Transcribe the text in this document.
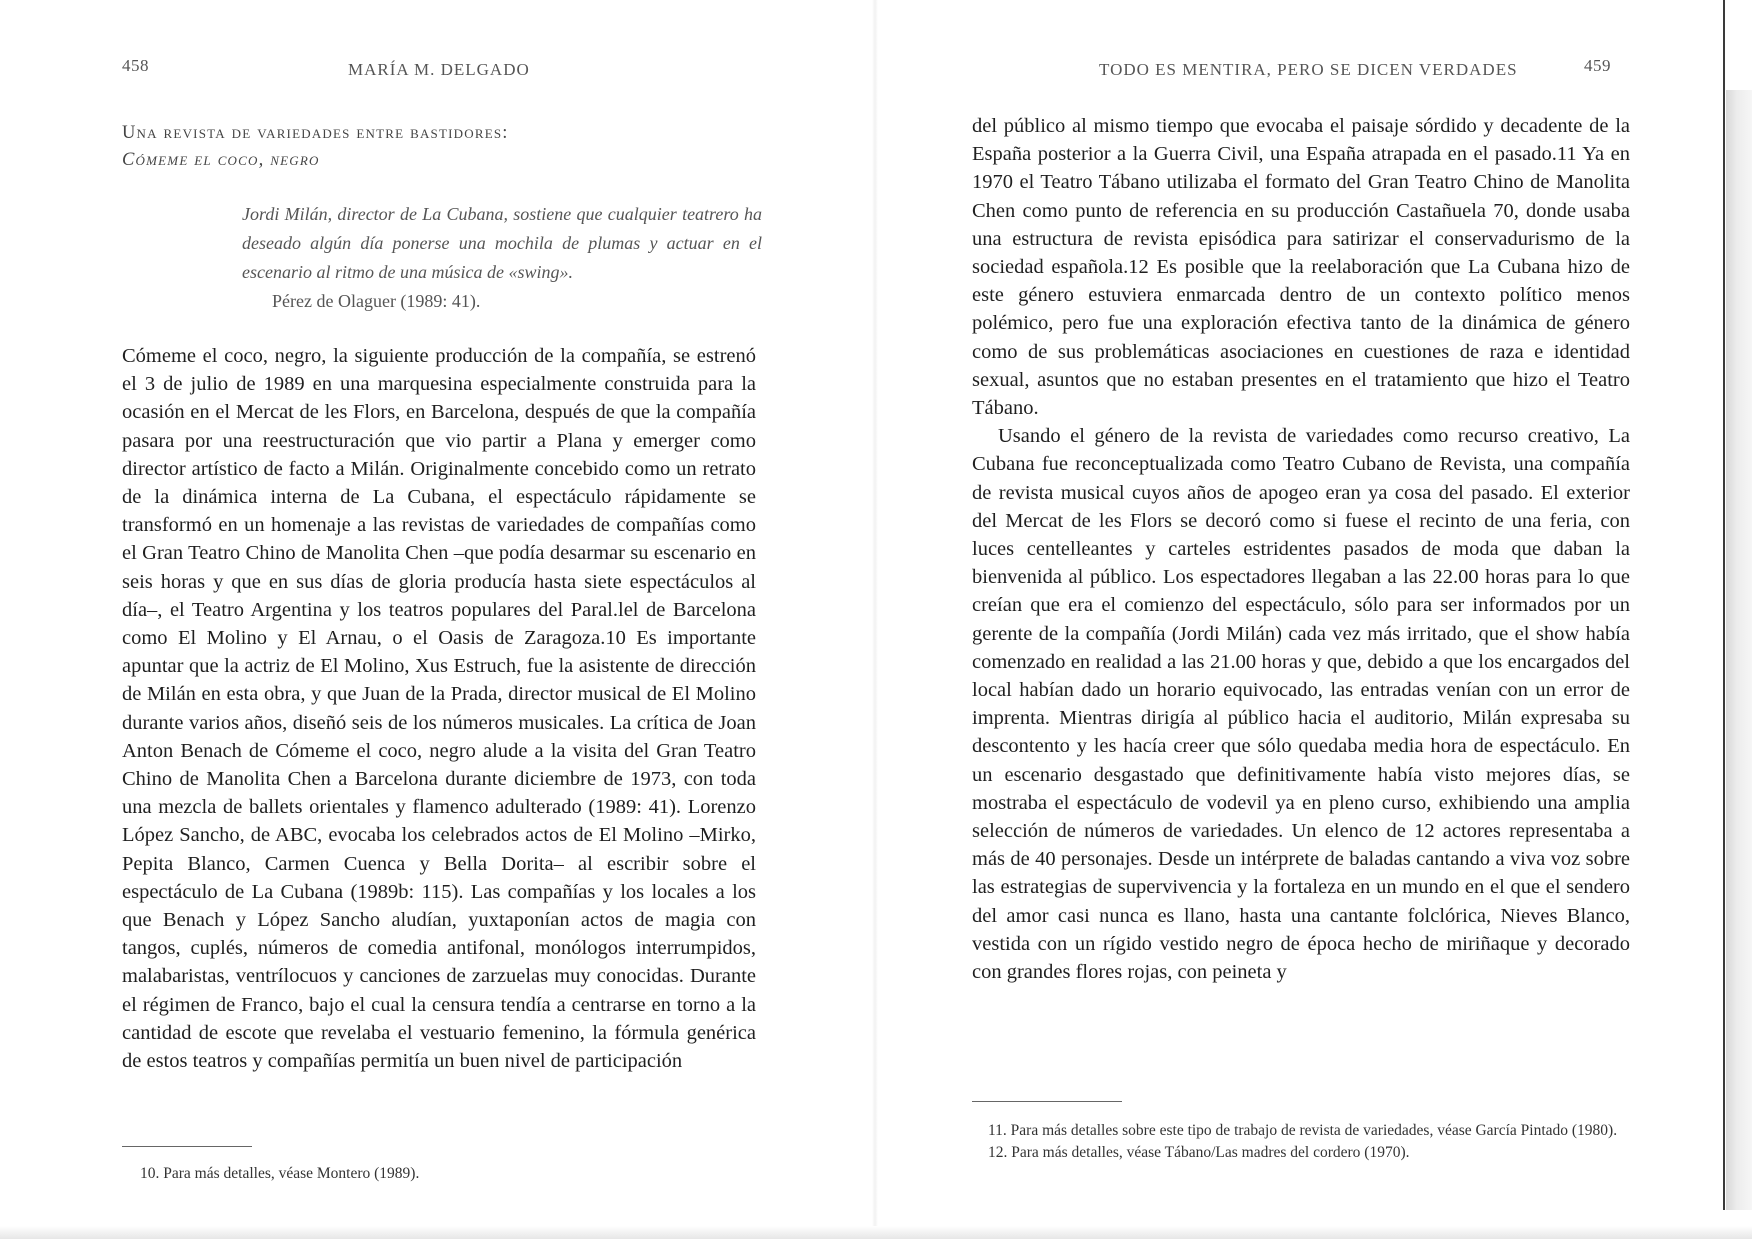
458	MARÍA M. DELGADO

Una revista de variedades entre bastidores:
Cómeme el coco, negro
Jordi Milán, director de La Cubana, sostiene que cualquier teatrero ha deseado algún día ponerse una mochila de plumas y actuar en el escenario al ritmo de una música de «swing».
Pérez de Olaguer (1989: 41).

Cómeme el coco, negro, la siguiente producción de la compañía, se estrenó el 3 de julio de 1989 en una marquesina especialmente construida para la ocasión en el Mercat de les Flors, en Barcelona, después de que la compañía pasara por una reestructuración que vio partir a Plana y emerger como director artístico de facto a Milán. Originalmente concebido como un retrato de la dinámica interna de La Cubana, el espectáculo rápidamente se transformó en un homenaje a las revistas de variedades de compañías como el Gran Teatro Chino de Manolita Chen –que podía desarmar su escenario en seis horas y que en sus días de gloria producía hasta siete espectáculos al día–, el Teatro Argentina y los teatros populares del Paral.lel de Barcelona como El Molino y El Arnau, o el Oasis de Zaragoza.10 Es importante apuntar que la actriz de El Molino, Xus Estruch, fue la asistente de dirección de Milán en esta obra, y que Juan de la Prada, director musical de El Molino durante varios años, diseñó seis de los números musicales. La crítica de Joan Anton Benach de Cómeme el coco, negro alude a la visita del Gran Teatro Chino de Manolita Chen a Barcelona durante diciembre de 1973, con toda una mezcla de ballets orientales y flamenco adulterado (1989: 41). Lorenzo López Sancho, de ABC, evocaba los celebrados actos de El Molino –Mirko, Pepita Blanco, Carmen Cuenca y Bella Dorita– al escribir sobre el espectáculo de La Cubana (1989b: 115). Las compañías y los locales a los que Benach y López Sancho aludían, yuxtaponían actos de magia con tangos, cuplés, números de comedia antifonal, monólogos interrumpidos, malabaristas, ventrílocuos y canciones de zarzuelas muy conocidas. Durante el régimen de Franco, bajo el cual la censura tendía a centrarse en torno a la cantidad de escote que revelaba el vestuario femenino, la fórmula genérica de estos teatros y compañías permitía un buen nivel de participación

10. Para más detalles, véase Montero (1989).

TODO ES MENTIRA, PERO SE DICEN VERDADES	459

del público al mismo tiempo que evocaba el paisaje sórdido y decadente de la España posterior a la Guerra Civil, una España atrapada en el pasado.11 Ya en 1970 el Teatro Tábano utilizaba el formato del Gran Teatro Chino de Manolita Chen como punto de referencia en su producción Castañuela 70, donde usaba una estructura de revista episódica para satirizar el conservadurismo de la sociedad española.12 Es posible que la reelaboración que La Cubana hizo de este género estuviera enmarcada dentro de un contexto político menos polémico, pero fue una exploración efectiva tanto de la dinámica de género como de sus problemáticas asociaciones en cuestiones de raza e identidad sexual, asuntos que no estaban presentes en el tratamiento que hizo el Teatro Tábano.

Usando el género de la revista de variedades como recurso creativo, La Cubana fue reconceptualizada como Teatro Cubano de Revista, una compañía de revista musical cuyos años de apogeo eran ya cosa del pasado. El exterior del Mercat de les Flors se decoró como si fuese el recinto de una feria, con luces centelleantes y carteles estridentes pasados de moda que daban la bienvenida al público. Los espectadores llegaban a las 22.00 horas para lo que creían que era el comienzo del espectáculo, sólo para ser informados por un gerente de la compañía (Jordi Milán) cada vez más irritado, que el show había comenzado en realidad a las 21.00 horas y que, debido a que los encargados del local habían dado un horario equivocado, las entradas venían con un error de imprenta. Mientras dirigía al público hacia el auditorio, Milán expresaba su descontento y les hacía creer que sólo quedaba media hora de espectáculo. En un escenario desgastado que definitivamente había visto mejores días, se mostraba el espectáculo de vodevil ya en pleno curso, exhibiendo una amplia selección de números de variedades. Un elenco de 12 actores representaba a más de 40 personajes. Desde un intérprete de baladas cantando a viva voz sobre las estrategias de supervivencia y la fortaleza en un mundo en el que el sendero del amor casi nunca es llano, hasta una cantante folclórica, Nieves Blanco, vestida con un rígido vestido negro de época hecho de miriñaque y decorado con grandes flores rojas, con peineta y

11. Para más detalles sobre este tipo de trabajo de revista de variedades, véase García Pintado (1980).

12. Para más detalles, véase Tábano/Las madres del cordero (1970).
